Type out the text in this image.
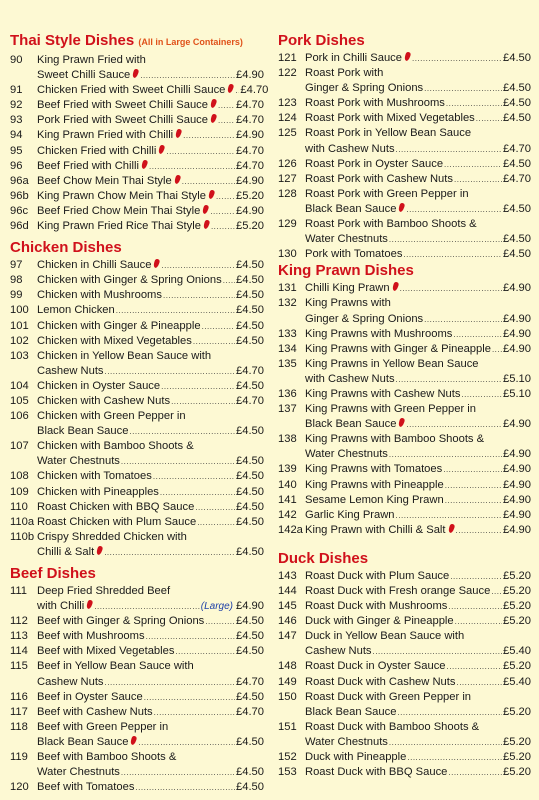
Thai Style Dishes (All in Large Containers)
90	King Prawn Fried with
Sweet Chilli Sauce .....	£4.90
91	Chicken Fried with Sweet Chilli Sauce ..... £4.70
92	Beef Fried with Sweet Chilli Sauce .....	£4.70
93	Pork Fried with Sweet Chilli Sauce .....	£4.70
94	King Prawn Fried with Chilli .....	£4.90
95	Chicken Fried with Chilli .....	£4.70
96	Beef Fried with Chilli .....	£4.70
96a Beef Chow Mein Thai Style .....	£4.90
96b King Prawn Chow Mein Thai Style .....	£5.20
96c Beef Fried Chow Mein Thai Style .....	£4.90
96d King Prawn Fried Rice Thai Style .....	£5.20
Chicken Dishes
97	Chicken in Chilli Sauce .....	£4.50
98	Chicken with Ginger & Spring Onions ..... £4.50
99	Chicken with Mushrooms .....	£4.50
100 Lemon Chicken .....	£4.50
101 Chicken with Ginger & Pineapple .....	£4.50
102 Chicken with Mixed Vegetables .....	£4.50
103 Chicken in Yellow Bean Sauce with
Cashew Nuts .....	£4.70
104 Chicken in Oyster Sauce .....	£4.50
105 Chicken with Cashew Nuts .....	£4.70
106 Chicken with Green Pepper in
Black Bean Sauce .....	£4.50
107 Chicken with Bamboo Shoots &
Water Chestnuts .....	£4.50
108 Chicken with Tomatoes .....	£4.50
109 Chicken with Pineapples .....	£4.50
110 Roast Chicken with BBQ Sauce .....	£4.50
110a Roast Chicken with Plum Sauce .....	£4.50
110b Crispy Shredded Chicken with
Chilli & Salt .....	£4.50
Beef Dishes
111 Deep Fried Shredded Beef
with Chilli .....	(Large) £4.90
112 Beef with Ginger & Spring Onions .....	£4.50
113 Beef with Mushrooms .....	£4.50
114 Beef with Mixed Vegetables .....	£4.50
115 Beef in Yellow Bean Sauce with
Cashew Nuts .....	£4.70
116 Beef in Oyster Sauce .....	£4.50
117 Beef with Cashew Nuts .....	£4.70
118 Beef with Green Pepper in
Black Bean Sauce .....	£4.50
119 Beef with Bamboo Shoots &
Water Chestnuts .....	£4.50
120 Beef with Tomatoes .....	£4.50
Pork Dishes
121 Pork in Chilli Sauce .....	£4.50
122 Roast Pork with
Ginger & Spring Onions .....	£4.50
123 Roast Pork with Mushrooms .....	£4.50
124 Roast Pork with Mixed Vegetables .....	£4.50
125 Roast Pork in Yellow Bean Sauce
with Cashew Nuts .....	£4.70
126 Roast Pork in Oyster Sauce .....	£4.50
127 Roast Pork with Cashew Nuts .....	£4.70
128 Roast Pork with Green Pepper in
Black Bean Sauce .....	£4.50
129 Roast Pork with Bamboo Shoots &
Water Chestnuts .....	£4.50
130 Pork with Tomatoes .....	£4.50
King Prawn Dishes
131 Chilli King Prawn .....	£4.90
132 King Prawns with
Ginger & Spring Onions .....	£4.90
133 King Prawns with Mushrooms .....	£4.90
134 King Prawns with Ginger & Pineapple ..... £4.90
135 King Prawns in Yellow Bean Sauce
with Cashew Nuts .....	£5.10
136 King Prawns with Cashew Nuts .....	£5.10
137 King Prawns with Green Pepper in
Black Bean Sauce .....	£4.90
138 King Prawns with Bamboo Shoots &
Water Chestnuts .....	£4.90
139 King Prawns with Tomatoes .....	£4.90
140 King Prawns with Pineapple .....	£4.90
141 Sesame Lemon King Prawn .....	£4.90
142 Garlic King Prawn .....	£4.90
142a King Prawn with Chilli & Salt .....	£4.90
Duck Dishes
143 Roast Duck with Plum Sauce .....	£5.20
144 Roast Duck with Fresh orange Sauce ..... £5.20
145 Roast Duck with Mushrooms .....	£5.20
146 Duck with Ginger & Pineapple .....	£5.20
147 Duck in Yellow Bean Sauce with
Cashew Nuts .....	£5.40
148 Roast Duck in Oyster Sauce .....	£5.20
149 Roast Duck with Cashew Nuts .....	£5.40
150 Roast Duck with Green Pepper in
Black Bean Sauce .....	£5.20
151 Roast Duck with Bamboo Shoots &
Water Chestnuts .....	£5.20
152 Duck with Pineapple .....	£5.20
153 Roast Duck with BBQ Sauce .....	£5.20
